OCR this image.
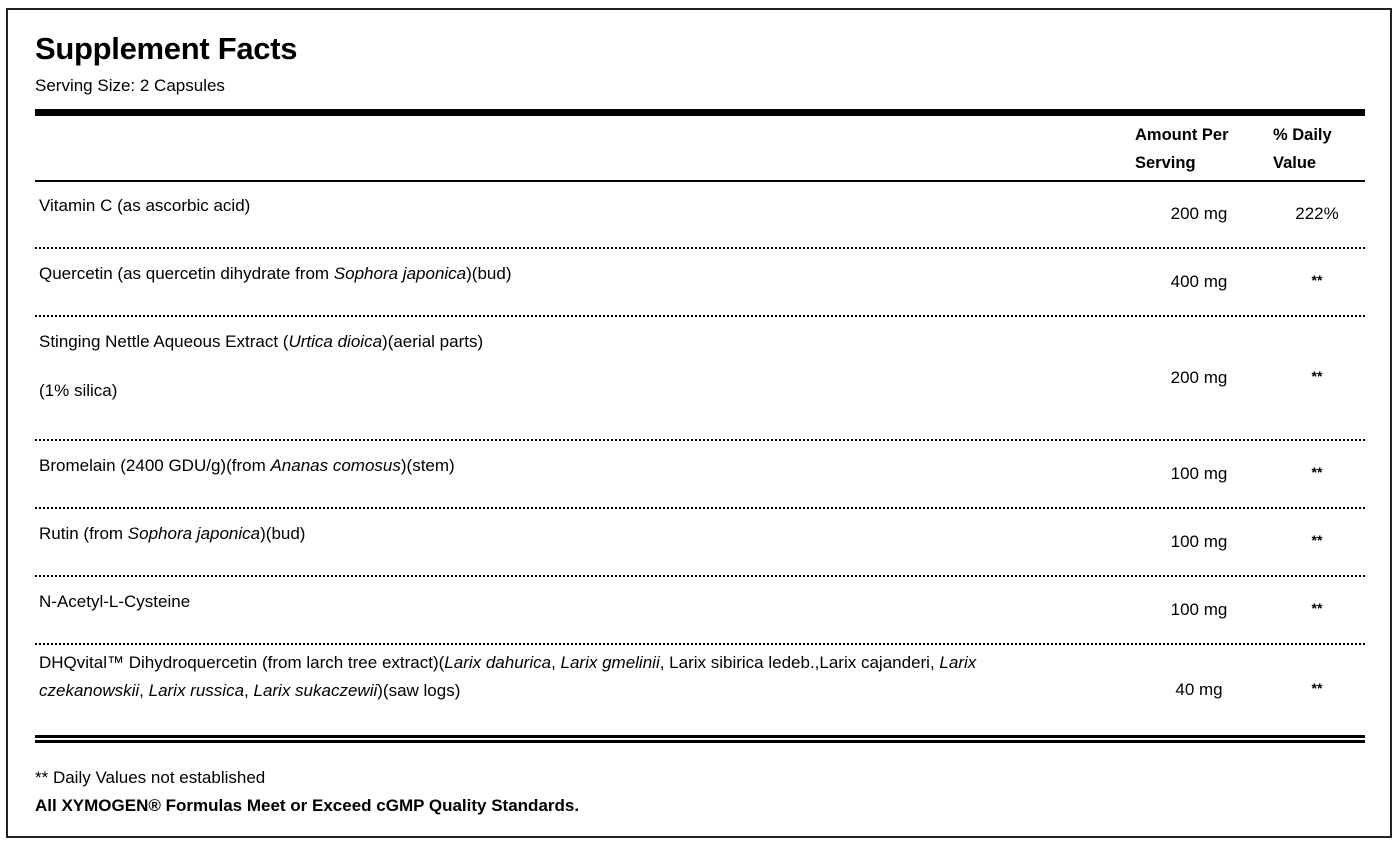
Supplement Facts
Serving Size: 2 Capsules
Amount Per
Serving
% Daily
Value
Vitamin C (as ascorbic acid)	200 mg	222%
Quercetin (as quercetin dihydrate from Sophora japonica)(bud)	400 mg	**
Stinging Nettle Aqueous Extract (Urtica dioica)(aerial parts)
(1% silica)
200 mg	**
Bromelain (2400 GDU/g)(from Ananas comosus)(stem)	100 mg	**
Rutin (from Sophora japonica)(bud)	100 mg	**
N-Acetyl-L-Cysteine	100 mg	**
DHQvital™ Dihydroquercetin (from larch tree extract)(Larix dahurica, Larix gmelinii, Larix sibirica ledeb.,Larix cajanderi, Larix czekanowskii, Larix russica, Larix sukaczewii)(saw logs)	40 mg	**
** Daily Values not established
All XYMOGEN® Formulas Meet or Exceed cGMP Quality Standards.
